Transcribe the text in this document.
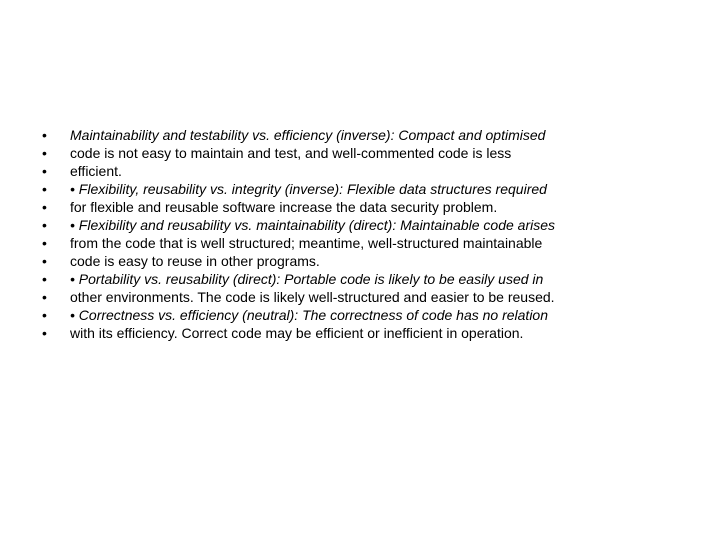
•	Maintainability and testability vs. efficiency (inverse): Compact and optimised
•	code is not easy to maintain and test, and well-commented code is less
•	efficient.
•	• Flexibility, reusability vs. integrity (inverse): Flexible data structures required
•	for flexible and reusable software increase the data security problem.
•	• Flexibility and reusability vs. maintainability (direct): Maintainable code arises
•	from the code that is well structured; meantime, well-structured maintainable
•	code is easy to reuse in other programs.
•	• Portability vs. reusability (direct): Portable code is likely to be easily used in
•	other environments. The code is likely well-structured and easier to be reused.
•	• Correctness vs. efficiency (neutral): The correctness of code has no relation
•	with its efficiency. Correct code may be efficient or inefficient in operation.
